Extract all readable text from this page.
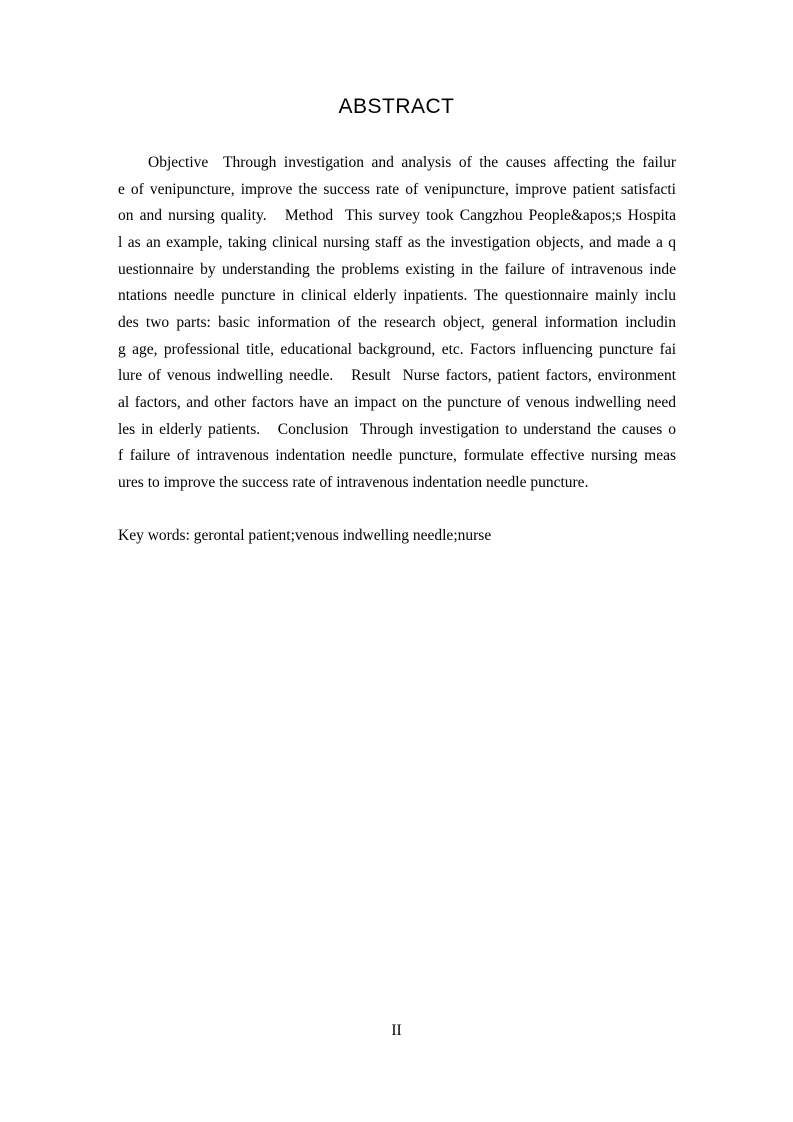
ABSTRACT
Objective  Through investigation and analysis of the causes affecting the failur
e of venipuncture, improve the success rate of venipuncture, improve patient satisfacti
on and nursing quality.   Method  This survey took Cangzhou People&apos;s Hospita
l as an example, taking clinical nursing staff as the investigation objects, and made a q
uestionnaire by understanding the problems existing in the failure of intravenous inde
ntations needle puncture in clinical elderly inpatients. The questionnaire mainly inclu
des two parts: basic information of the research object, general information includin
g age, professional title, educational background, etc. Factors influencing puncture fai
lure of venous indwelling needle.   Result  Nurse factors, patient factors, environment
al factors, and other factors have an impact on the puncture of venous indwelling need
les in elderly patients.   Conclusion  Through investigation to understand the causes o
f failure of intravenous indentation needle puncture, formulate effective nursing meas
ures to improve the success rate of intravenous indentation needle puncture.
Key words: gerontal patient;venous indwelling needle;nurse
II
